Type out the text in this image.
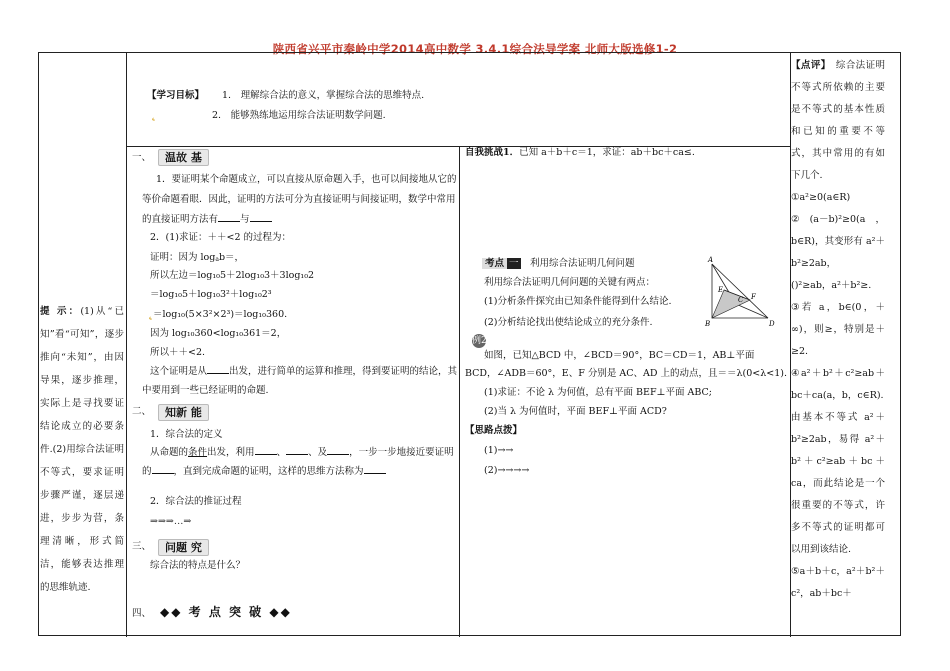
陕西省兴平市秦岭中学2014高中数学 3.4.1综合法导学案 北师大版选修1-2
【学习目标】 1.　理解综合法的意义，掌握综合法的思维特点.
˛	2.　能够熟练地运用综合法证明数学问题.
一、	温故 基
1．要证明某个命题成立，可以直接从原命题入手，也可以间接地从它的等价命题看眼．因此，证明的方法可分为直接证明与间接证明，数学中常用的直接证明方法有 与
2．(1)求证：＋＋<2 的过程为：
证明：因为 logab＝，
所以左边＝log₁₀5＋2log₁₀3＋3log₁₀2
＝log₁₀5＋log₁₀3²＋log₁₀2³
˛ ＝log₁₀(5×3²×2³)＝log₁₀360.
因为 log₁₀360<log₁₀361＝2，
所以＋＋<2.
这个证明是从 出发，进行简单的运算和推理，得到要证明的结论，其中要用到一些已经证明的命题.
二、	知新 能
1．综合法的定义
从命题的条件出发，利用 、 、及 ，一步一步地接近要证明的 ，直到完成命题的证明，这样的思维方法称为
2．综合法的推证过程
⇒⇒⇒…⇒
三、	问题 究
综合法的特点是什么？
四、 ◆◆ 考 点 突 破 ◆◆
自我挑战1．已知 a＋b＋c＝1，求证：ab＋bc＋ca≤.
考点 一　 利用综合法证明几何问题
利用综合法证明几何问题的关键有两点：
(1)分析条件探究由已知条件能得到什么结论.
(2)分析结论找出使结论成立的充分条件.
例2
如图，已知△BCD 中，∠BCD＝90°，BC＝CD＝1，AB⊥平面
BCD，∠ADB＝60°，E、F 分别是 AC、AD 上的动点，且＝＝λ(0<λ<1).
(1)求证：不论 λ 为何值，总有平面 BEF⊥平面 ABC;
(2)当 λ 为何值时，平面 BEF⊥平面 ACD?
【思路点拨】
(1)→→
(2)→→→→
A
B
C
D
E
F
提 示：(1)从“已知”看“可知”，逐步推向“未知”，由因导果，逐步推理，实际上是寻找要证结论成立的必要条件.(2)用综合法证明不等式，要求证明步骤严谨，逐层递进，步步为营，条理清晰，形式简洁，能够表达推理的思维轨迹.
【点评】　 综合法证明不等式所依赖的主要是不等式的基本性质和已知的重要不等式，其中常用的有如下几个.
①a²≥0(a∈R)
②(a－b)²≥0(a，b∈R)，其变形有 a²＋b²≥2ab，
()²≥ab，a²＋b²≥.
③若 a，b∈(0，＋∞)，则≥，特别是＋≥2.
④a²＋b²＋c²≥ab＋bc＋ca(a，b，c∈R).
由基本不等式 a²＋b²≥2ab，易得 a²＋b²＋c²≥ab＋bc＋ca，而此结论是一个很重要的不等式，许多不等式的证明都可以用到该结论.
⑤a＋b＋c，a²＋b²＋c²，ab＋bc＋
